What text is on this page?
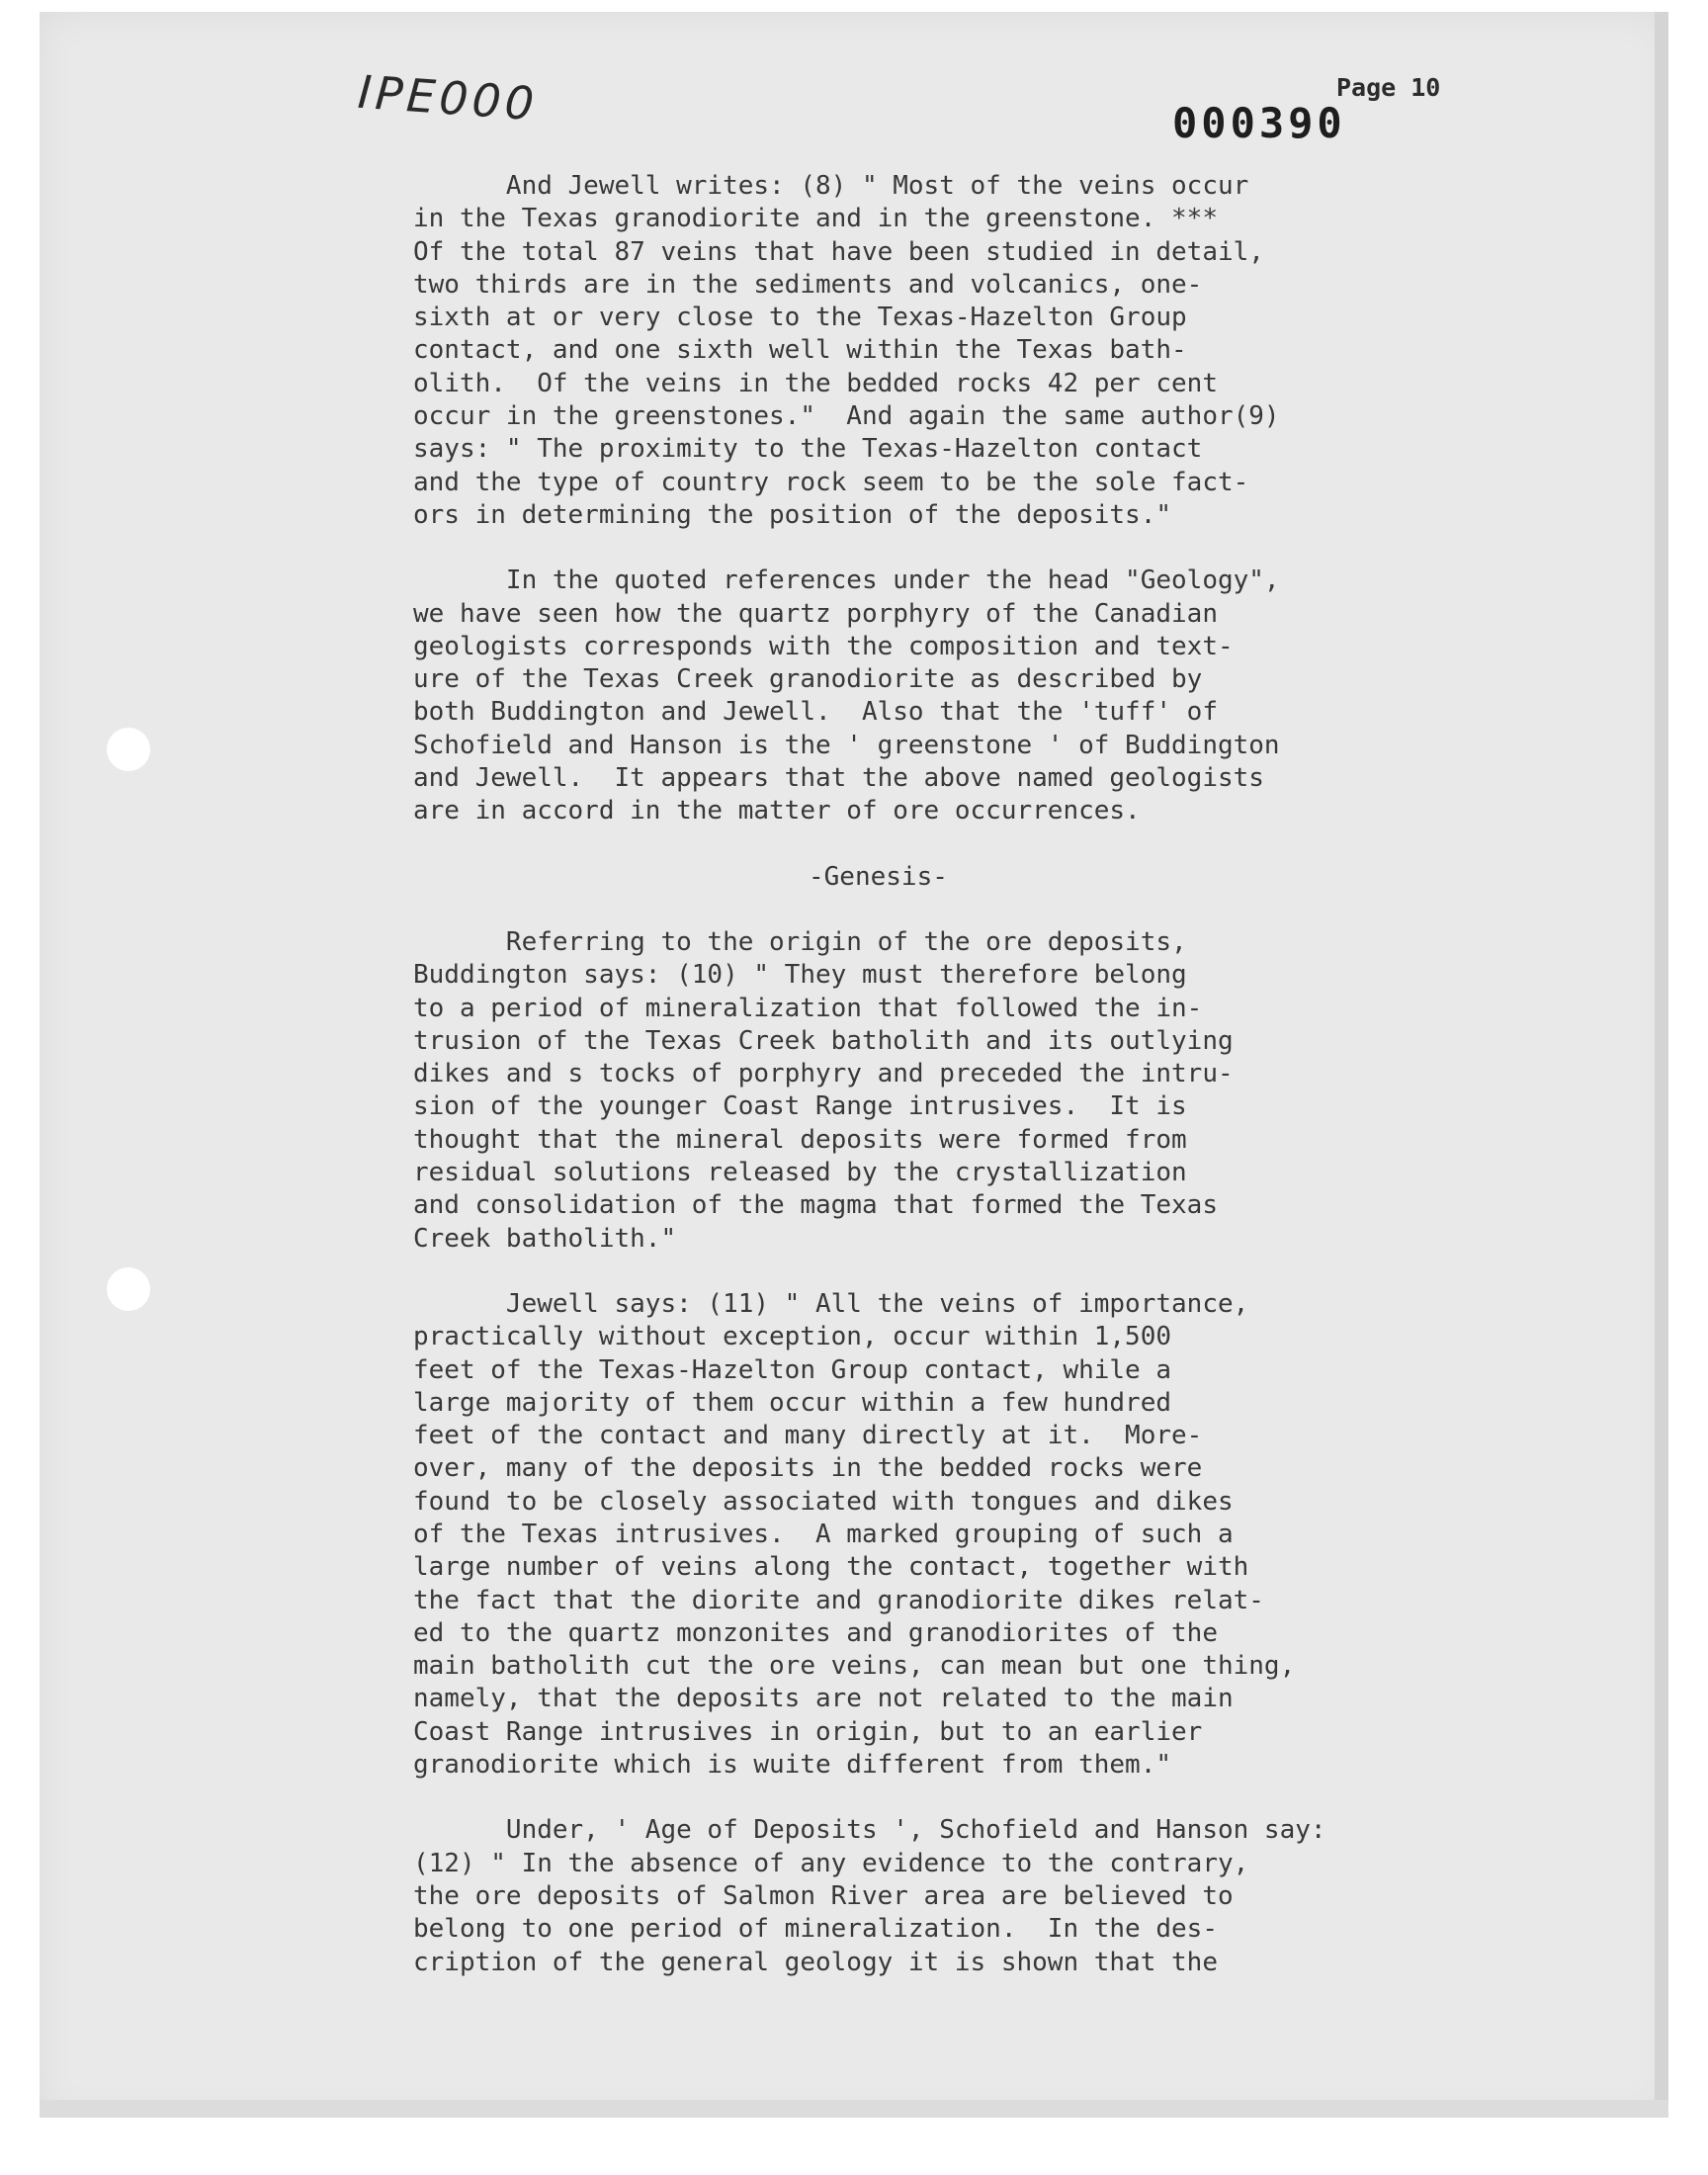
IPE000	000390
Page 10

And Jewell writes: (8) " Most of the veins occur
in the Texas granodiorite and in the greenstone. ***
Of the total 87 veins that have been studied in detail,
two thirds are in the sediments and volcanics, one-
sixth at or very close to the Texas-Hazelton Group
contact, and one sixth well within the Texas bath-
olith.  Of the veins in the bedded rocks 42 per cent
occur in the greenstones."  And again the same author(9)
says: " The proximity to the Texas-Hazelton contact
and the type of country rock seem to be the sole fact-
ors in determining the position of the deposits."

In the quoted references under the head "Geology",
we have seen how the quartz porphyry of the Canadian
geologists corresponds with the composition and text-
ure of the Texas Creek granodiorite as described by
both Buddington and Jewell.  Also that the 'tuff' of
Schofield and Hanson is the ' greenstone ' of Buddington
and Jewell.  It appears that the above named geologists
are in accord in the matter of ore occurrences.

-Genesis-

Referring to the origin of the ore deposits,
Buddington says: (10) " They must therefore belong
to a period of mineralization that followed the in-
trusion of the Texas Creek batholith and its outlying
dikes and s tocks of porphyry and preceded the intru-
sion of the younger Coast Range intrusives.  It is
thought that the mineral deposits were formed from
residual solutions released by the crystallization
and consolidation of the magma that formed the Texas
Creek batholith."

Jewell says: (11) " All the veins of importance,
practically without exception, occur within 1,500
feet of the Texas-Hazelton Group contact, while a
large majority of them occur within a few hundred
feet of the contact and many directly at it.  More-
over, many of the deposits in the bedded rocks were
found to be closely associated with tongues and dikes
of the Texas intrusives.  A marked grouping of such a
large number of veins along the contact, together with
the fact that the diorite and granodiorite dikes relat-
ed to the quartz monzonites and granodiorites of the
main batholith cut the ore veins, can mean but one thing,
namely, that the deposits are not related to the main
Coast Range intrusives in origin, but to an earlier
granodiorite which is wuite different from them."

Under, ' Age of Deposits ', Schofield and Hanson say:
(12) " In the absence of any evidence to the contrary,
the ore deposits of Salmon River area are believed to
belong to one period of mineralization.  In the des-
cription of the general geology it is shown that the
